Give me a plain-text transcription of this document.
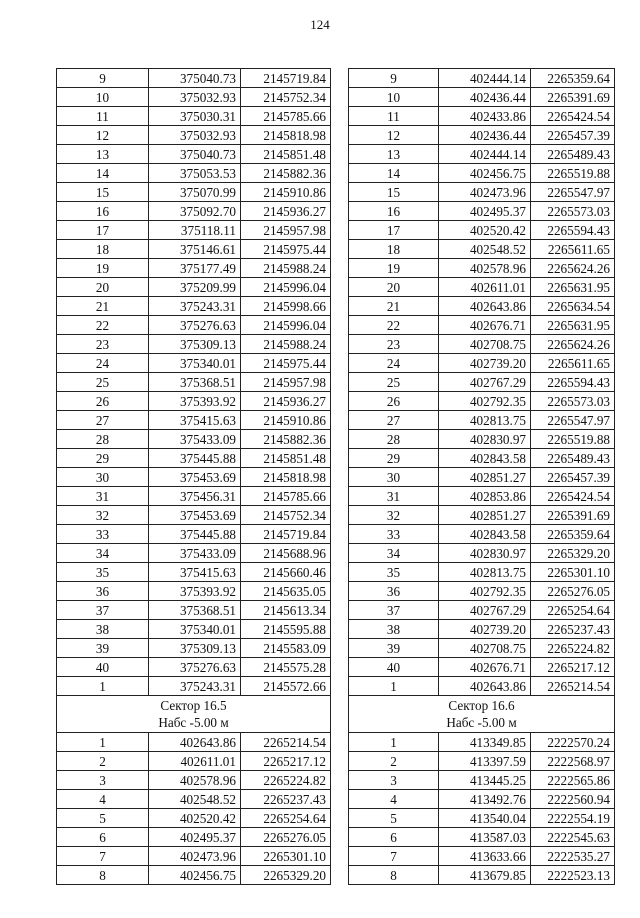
124
9	375040.73	2145719.84
10	375032.93	2145752.34
11	375030.31	2145785.66
12	375032.93	2145818.98
13	375040.73	2145851.48
14	375053.53	2145882.36
15	375070.99	2145910.86
16	375092.70	2145936.27
17	375118.11	2145957.98
18	375146.61	2145975.44
19	375177.49	2145988.24
20	375209.99	2145996.04
21	375243.31	2145998.66
22	375276.63	2145996.04
23	375309.13	2145988.24
24	375340.01	2145975.44
25	375368.51	2145957.98
26	375393.92	2145936.27
27	375415.63	2145910.86
28	375433.09	2145882.36
29	375445.88	2145851.48
30	375453.69	2145818.98
31	375456.31	2145785.66
32	375453.69	2145752.34
33	375445.88	2145719.84
34	375433.09	2145688.96
35	375415.63	2145660.46
36	375393.92	2145635.05
37	375368.51	2145613.34
38	375340.01	2145595.88
39	375309.13	2145583.09
40	375276.63	2145575.28
1	375243.31	2145572.66

Сектор 16.5
Набс -5.00 м		

1	402643.86	2265214.54
2	402611.01	2265217.12
3	402578.96	2265224.82
4	402548.52	2265237.43
5	402520.42	2265254.64
6	402495.37	2265276.05
7	402473.96	2265301.10
8	402456.75	2265329.20
9	402444.14	2265359.64
10	402436.44	2265391.69
11	402433.86	2265424.54
12	402436.44	2265457.39
13	402444.14	2265489.43
14	402456.75	2265519.88
15	402473.96	2265547.97
16	402495.37	2265573.03
17	402520.42	2265594.43
18	402548.52	2265611.65
19	402578.96	2265624.26
20	402611.01	2265631.95
21	402643.86	2265634.54
22	402676.71	2265631.95
23	402708.75	2265624.26
24	402739.20	2265611.65
25	402767.29	2265594.43
26	402792.35	2265573.03
27	402813.75	2265547.97
28	402830.97	2265519.88
29	402843.58	2265489.43
30	402851.27	2265457.39
31	402853.86	2265424.54
32	402851.27	2265391.69
33	402843.58	2265359.64
34	402830.97	2265329.20
35	402813.75	2265301.10
36	402792.35	2265276.05
37	402767.29	2265254.64
38	402739.20	2265237.43
39	402708.75	2265224.82
40	402676.71	2265217.12
1	402643.86	2265214.54

Сектор 16.6
Набс -5.00 м		

1	413349.85	2222570.24
2	413397.59	2222568.97
3	413445.25	2222565.86
4	413492.76	2222560.94
5	413540.04	2222554.19
6	413587.03	2222545.63
7	413633.66	2222535.27
8	413679.85	2222523.13
